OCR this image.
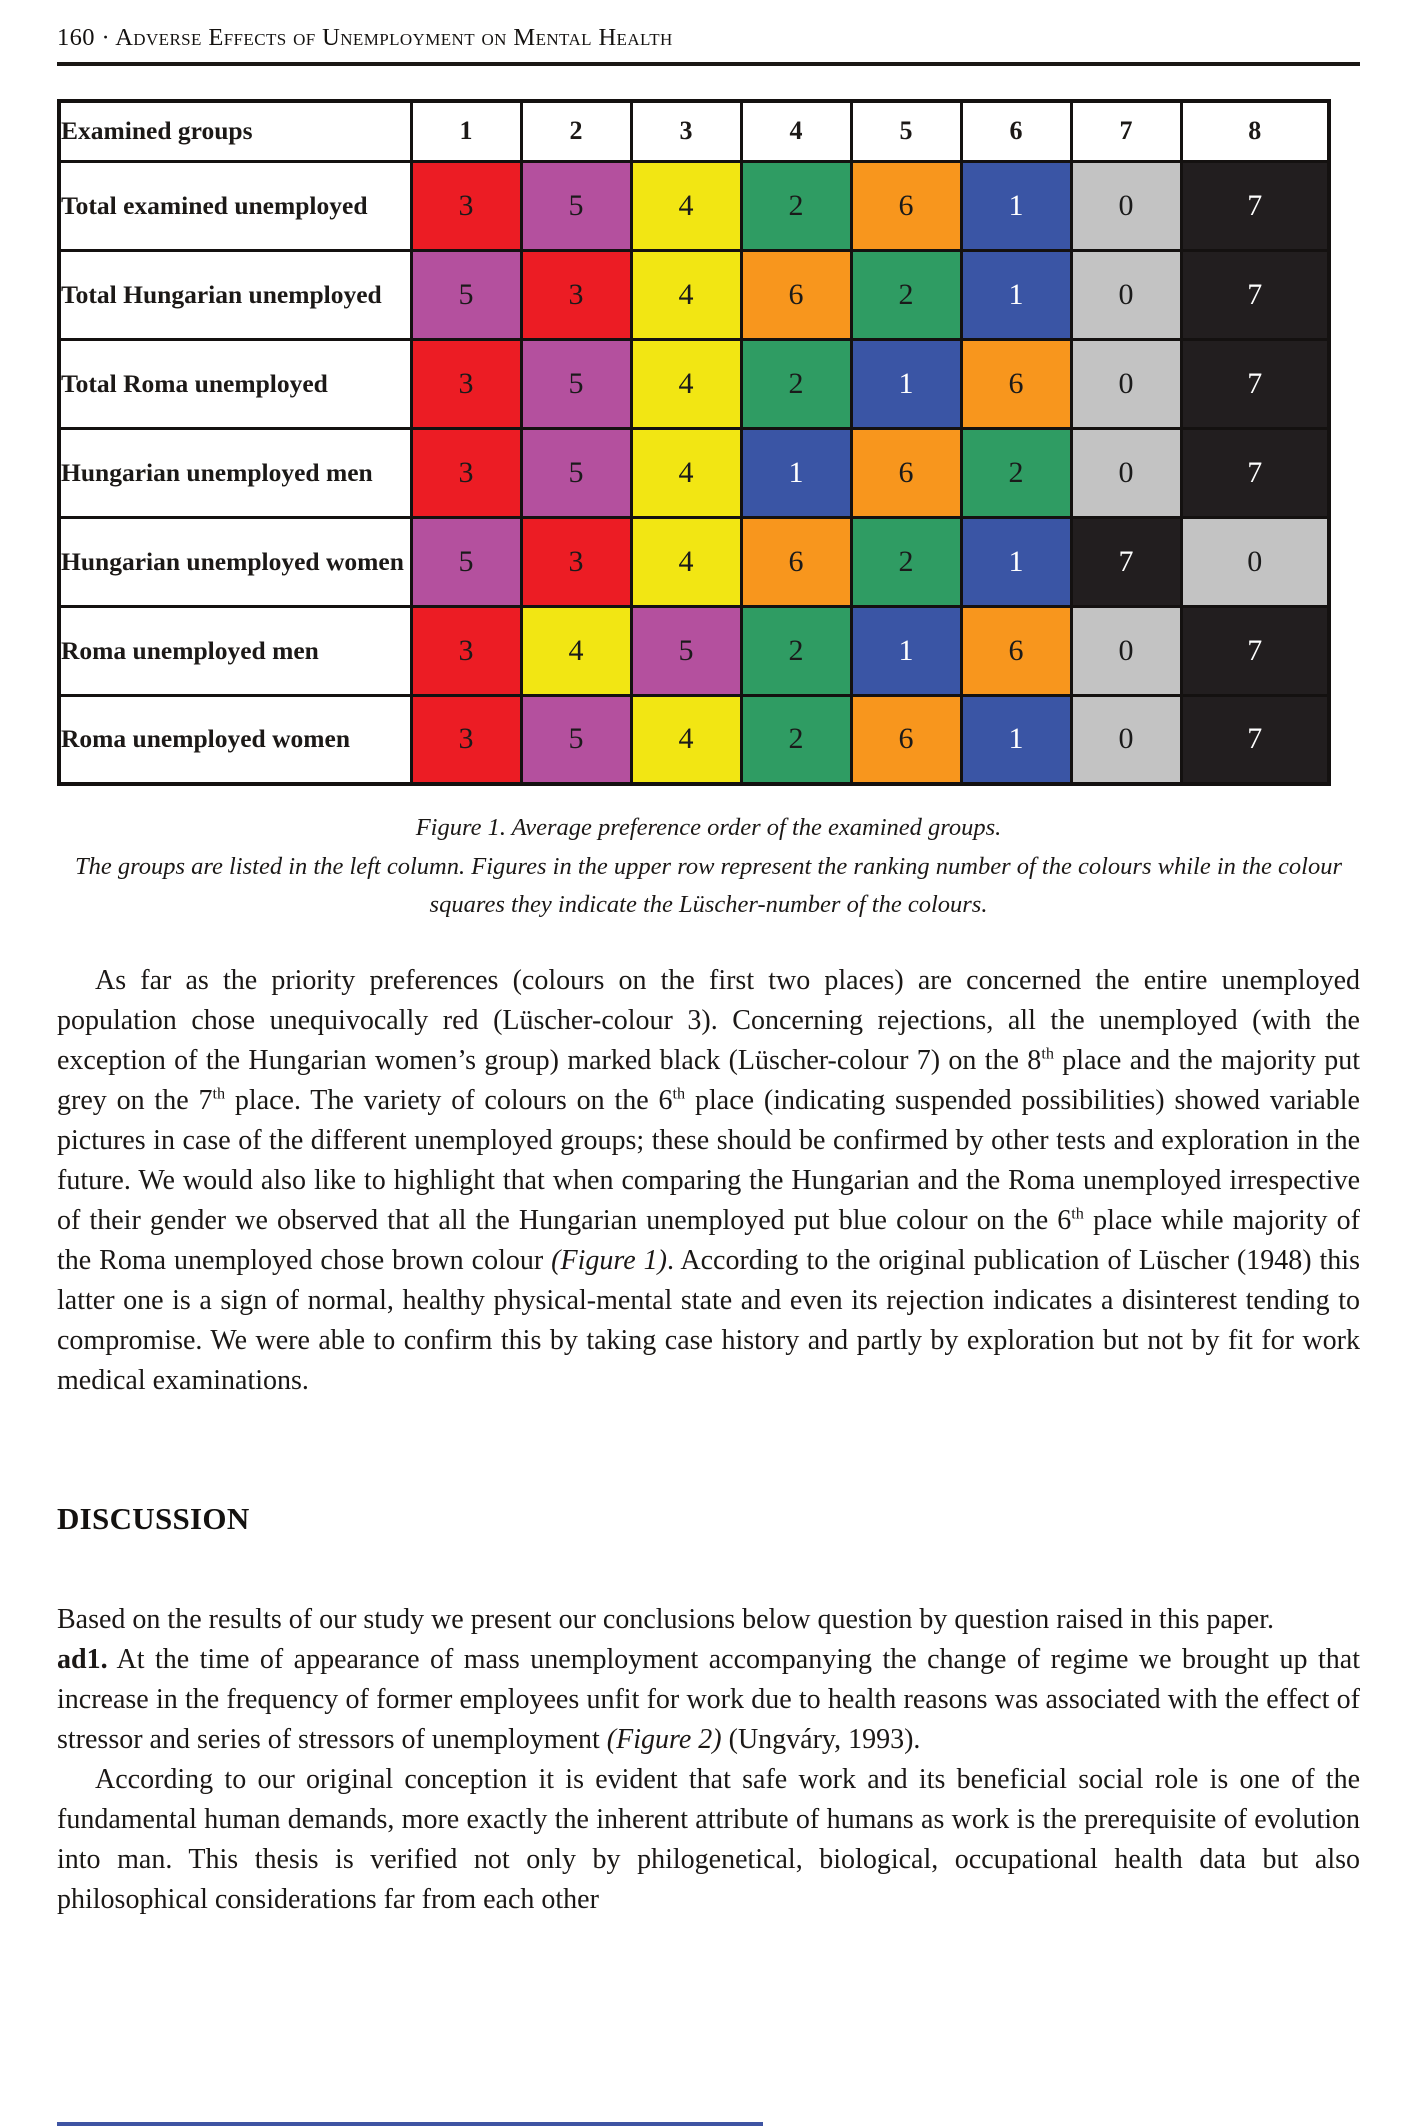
160 · Adverse Effects of Unemployment on Mental Health
Examined groups	1	2	3	4	5	6	7	8
Total examined unemployed	3	5	4	2	6	1	0	7
Total Hungarian unemployed	5	3	4	6	2	1	0	7
Total Roma unemployed	3	5	4	2	1	6	0	7
Hungarian unemployed men	3	5	4	1	6	2	0	7
Hungarian unemployed women	5	3	4	6	2	1	7	0
Roma unemployed men	3	4	5	2	1	6	0	7
Roma unemployed women	3	5	4	2	6	1	0	7
Figure 1. Average preference order of the examined groups.
The groups are listed in the left column. Figures in the upper row represent the ranking number of the colours while in the colour squares they indicate the Lüscher-number of the colours.

As far as the priority preferences (colours on the first two places) are concerned the entire unemployed population chose unequivocally red (Lüscher-colour 3). Concerning rejections, all the unemployed (with the exception of the Hungarian women’s group) marked black (Lüscher-colour 7) on the 8th place and the majority put grey on the 7th place. The variety of colours on the 6th place (indicating suspended possibilities) showed variable pictures in case of the different unemployed groups; these should be confirmed by other tests and exploration in the future. We would also like to highlight that when comparing the Hungarian and the Roma unemployed irrespective of their gender we observed that all the Hungarian unemployed put blue colour on the 6th place while majority of the Roma unemployed chose brown colour (Figure 1). According to the original publication of Lüscher (1948) this latter one is a sign of normal, healthy physical-mental state and even its rejection indicates a disinterest tending to compromise. We were able to confirm this by taking case history and partly by exploration but not by fit for work medical examinations.

DISCUSSION

Based on the results of our study we present our conclusions below question by question raised in this paper.

ad1. At the time of appearance of mass unemployment accompanying the change of regime we brought up that increase in the frequency of former employees unfit for work due to health reasons was associated with the effect of stressor and series of stressors of unemployment (Figure 2) (Ungváry, 1993).

According to our original conception it is evident that safe work and its beneficial social role is one of the fundamental human demands, more exactly the inherent attribute of humans as work is the prerequisite of evolution into man. This thesis is verified not only by philogenetical, biological, occupational health data but also philosophical considerations far from each other
